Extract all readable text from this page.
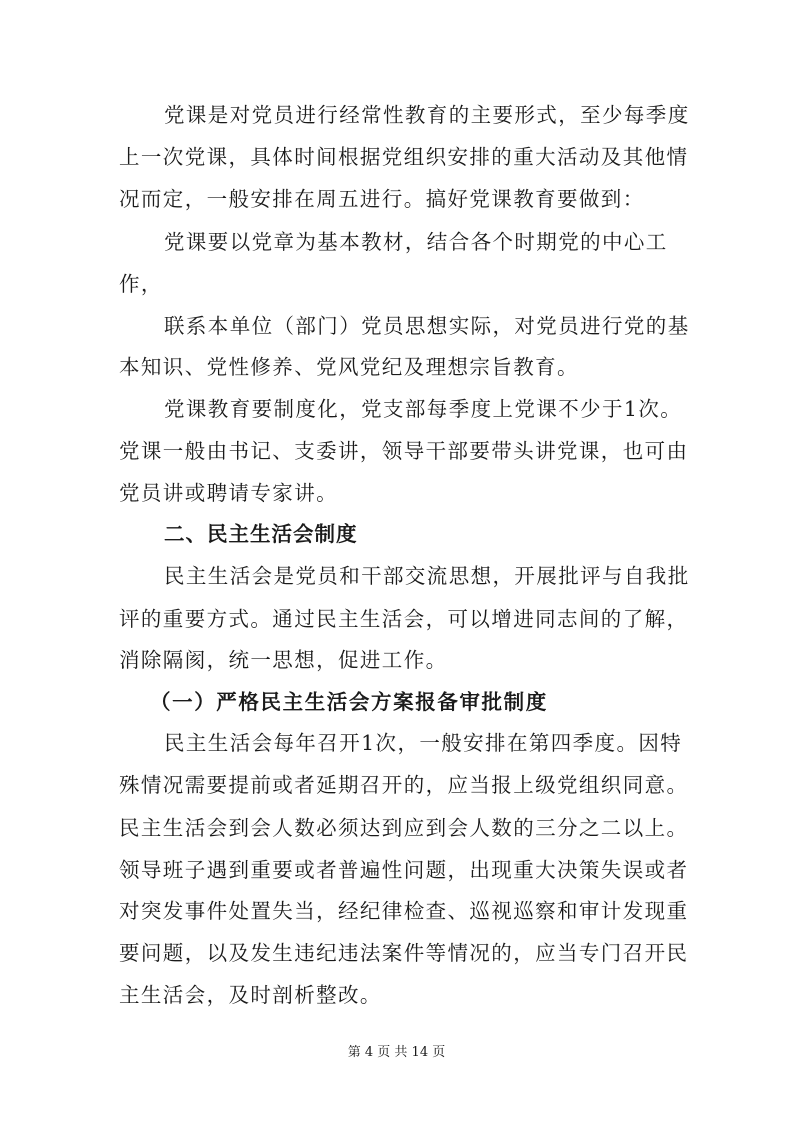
党课是对党员进行经常性教育的主要形式，至少每季度
上一次党课，具体时间根据党组织安排的重大活动及其他情
况而定，一般安排在周五进行。搞好党课教育要做到：
党课要以党章为基本教材，结合各个时期党的中心工
作，
联系本单位（部门）党员思想实际，对党员进行党的基
本知识、党性修养、党风党纪及理想宗旨教育。
党课教育要制度化，党支部每季度上党课不少于1次。
党课一般由书记、支委讲，领导干部要带头讲党课，也可由
党员讲或聘请专家讲。
二、民主生活会制度
民主生活会是党员和干部交流思想，开展批评与自我批
评的重要方式。通过民主生活会，可以增进同志间的了解，
消除隔阂，统一思想，促进工作。
（一）严格民主生活会方案报备审批制度
民主生活会每年召开1次，一般安排在第四季度。因特
殊情况需要提前或者延期召开的，应当报上级党组织同意。
民主生活会到会人数必须达到应到会人数的三分之二以上。
领导班子遇到重要或者普遍性问题，出现重大决策失误或者
对突发事件处置失当，经纪律检查、巡视巡察和审计发现重
要问题，以及发生违纪违法案件等情况的，应当专门召开民
主生活会，及时剖析整改。
第 4 页 共 14 页
